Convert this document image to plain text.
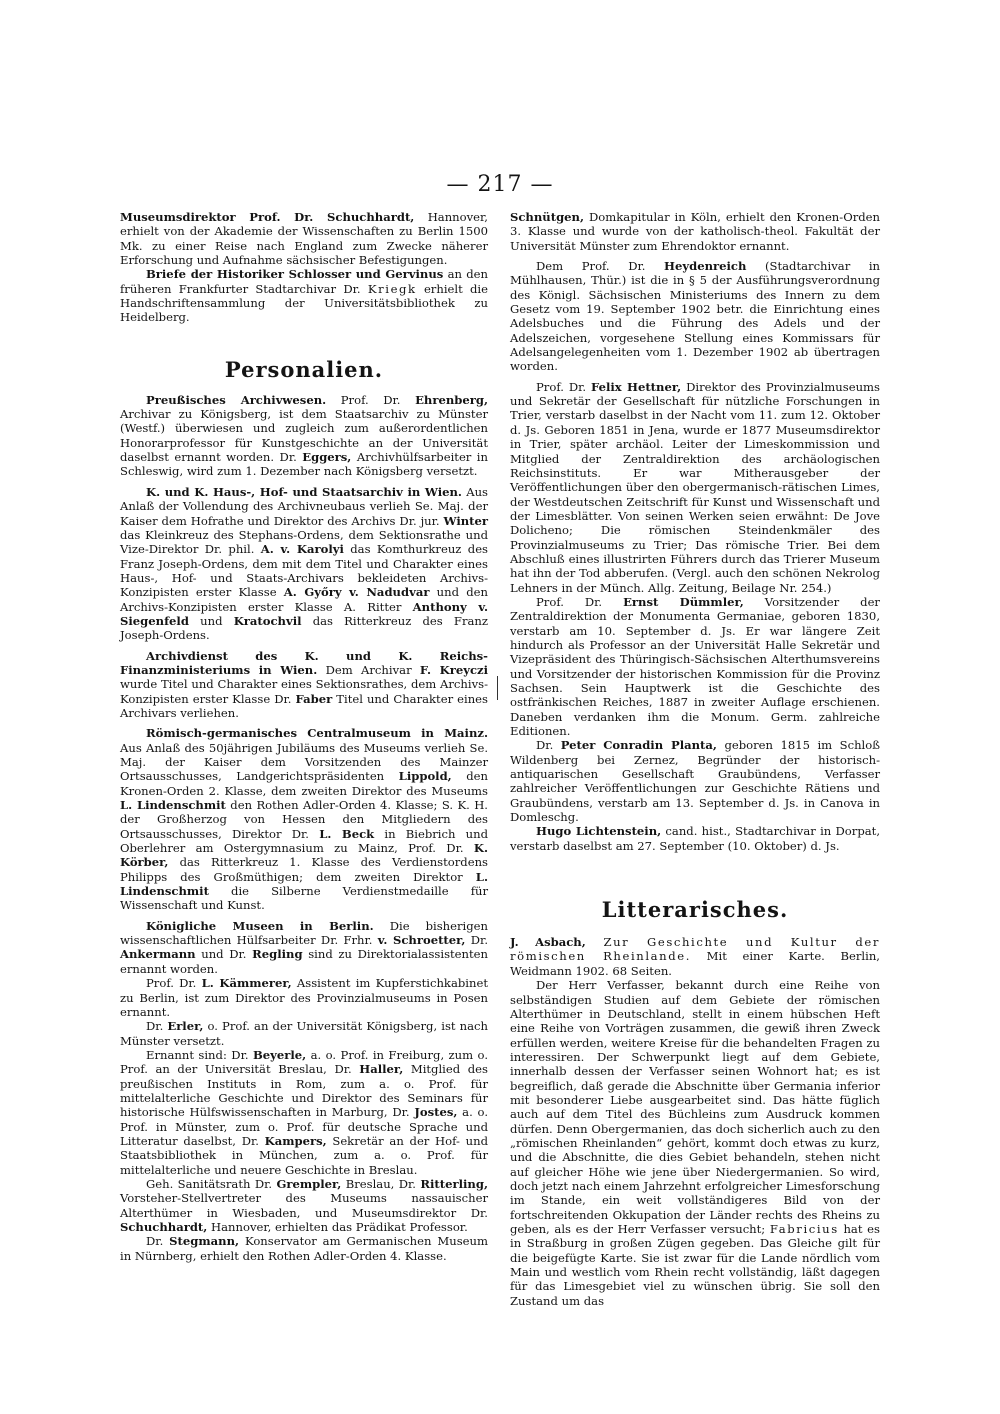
— 217 —

Museumsdirektor Prof. Dr. Schuchhardt, Hannover, erhielt von der Akademie der Wissenschaften zu Berlin 1500 Mk. zu einer Reise nach England zum Zwecke näherer Erforschung und Aufnahme sächsischer Befestigungen.

Briefe der Historiker Schlosser und Gervinus an den früheren Frankfurter Stadtarchivar Dr. Kriegk erhielt die Handschriftensammlung der Universitätsbibliothek zu Heidelberg.

Personalien.

Preußisches Archivwesen. Prof. Dr. Ehrenberg, Archivar zu Königsberg, ist dem Staatsarchiv zu Münster (Westf.) überwiesen und zugleich zum außerordentlichen Honorarprofessor für Kunstgeschichte an der Universität daselbst ernannt worden. Dr. Eggers, Archivhülfsarbeiter in Schleswig, wird zum 1. Dezember nach Königsberg versetzt.

K. und K. Haus-, Hof- und Staatsarchiv in Wien. Aus Anlaß der Vollendung des Archivneubaus verlieh Se. Maj. der Kaiser dem Hofrathe und Direktor des Archivs Dr. jur. Winter das Kleinkreuz des Stephans-Ordens, dem Sektionsrathe und Vize-Direktor Dr. phil. A. v. Karolyi das Komthurkreuz des Franz Joseph-Ordens, dem mit dem Titel und Charakter eines Haus-, Hof- und Staats-Archivars bekleideten Archivs-Konzipisten erster Klasse A. Győry v. Nadudvar und den Archivs-Konzipisten erster Klasse A. Ritter Anthony v. Siegenfeld und Kratochvil das Ritterkreuz des Franz Joseph-Ordens.

Archivdienst des K. und K. Reichs-Finanzministeriums in Wien. Dem Archivar F. Kreyczi wurde Titel und Charakter eines Sektionsrathes, dem Archivs-Konzipisten erster Klasse Dr. Faber Titel und Charakter eines Archivars verliehen.

Römisch-germanisches Centralmuseum in Mainz. Aus Anlaß des 50jährigen Jubiläums des Museums verlieh Se. Maj. der Kaiser dem Vorsitzenden des Mainzer Ortsausschusses, Landgerichtspräsidenten Lippold, den Kronen-Orden 2. Klasse, dem zweiten Direktor des Museums L. Lindenschmit den Rothen Adler-Orden 4. Klasse; S. K. H. der Großherzog von Hessen den Mitgliedern des Ortsausschusses, Direktor Dr. L. Beck in Biebrich und Oberlehrer am Ostergymnasium zu Mainz, Prof. Dr. K. Körber, das Ritterkreuz 1. Klasse des Verdienstordens Philipps des Großmüthigen; dem zweiten Direktor L. Lindenschmit die Silberne Verdienstmedaille für Wissenschaft und Kunst.

Königliche Museen in Berlin. Die bisherigen wissenschaftlichen Hülfsarbeiter Dr. Frhr. v. Schroetter, Dr. Ankermann und Dr. Regling sind zu Direktorialassistenten ernannt worden.

Prof. Dr. L. Kämmerer, Assistent im Kupferstichkabinet zu Berlin, ist zum Direktor des Provinzialmuseums in Posen ernannt.

Dr. Erler, o. Prof. an der Universität Königsberg, ist nach Münster versetzt.

Ernannt sind: Dr. Beyerle, a. o. Prof. in Freiburg, zum o. Prof. an der Universität Breslau, Dr. Haller, Mitglied des preußischen Instituts in Rom, zum a. o. Prof. für mittelalterliche Geschichte und Direktor des Seminars für historische Hülfswissenschaften in Marburg, Dr. Jostes, a. o. Prof. in Münster, zum o. Prof. für deutsche Sprache und Litteratur daselbst, Dr. Kampers, Sekretär an der Hof- und Staatsbibliothek in München, zum a. o. Prof. für mittelalterliche und neuere Geschichte in Breslau.

Geh. Sanitätsrath Dr. Grempler, Breslau, Dr. Ritterling, Vorsteher-Stellvertreter des Museums nassauischer Alterthümer in Wiesbaden, und Museumsdirektor Dr. Schuchhardt, Hannover, erhielten das Prädikat Professor.

Dr. Stegmann, Konservator am Germanischen Museum in Nürnberg, erhielt den Rothen Adler-Orden 4. Klasse.

Schnütgen, Domkapitular in Köln, erhielt den Kronen-Orden 3. Klasse und wurde von der katholisch-theol. Fakultät der Universität Münster zum Ehrendoktor ernannt.

Dem Prof. Dr. Heydenreich (Stadtarchivar in Mühlhausen, Thür.) ist die in § 5 der Ausführungsverordnung des Königl. Sächsischen Ministeriums des Innern zu dem Gesetz vom 19. September 1902 betr. die Einrichtung eines Adelsbuches und die Führung des Adels und der Adelszeichen, vorgesehene Stellung eines Kommissars für Adelsangelegenheiten vom 1. Dezember 1902 ab übertragen worden.

Prof. Dr. Felix Hettner, Direktor des Provinzialmuseums und Sekretär der Gesellschaft für nützliche Forschungen in Trier, verstarb daselbst in der Nacht vom 11. zum 12. Oktober d. Js. Geboren 1851 in Jena, wurde er 1877 Museumsdirektor in Trier, später archäol. Leiter der Limeskommission und Mitglied der Zentraldirektion des archäologischen Reichsinstituts. Er war Mitherausgeber der Veröffentlichungen über den obergermanisch-rätischen Limes, der Westdeutschen Zeitschrift für Kunst und Wissenschaft und der Limesblätter. Von seinen Werken seien erwähnt: De Jove Dolicheno; Die römischen Steindenkmäler des Provinzialmuseums zu Trier; Das römische Trier. Bei dem Abschluß eines illustrirten Führers durch das Trierer Museum hat ihn der Tod abberufen. (Vergl. auch den schönen Nekrolog Lehners in der Münch. Allg. Zeitung, Beilage Nr. 254.)

Prof. Dr. Ernst Dümmler, Vorsitzender der Zentraldirektion der Monumenta Germaniae, geboren 1830, verstarb am 10. September d. Js. Er war längere Zeit hindurch als Professor an der Universität Halle Sekretär und Vizepräsident des Thüringisch-Sächsischen Alterthumsvereins und Vorsitzender der historischen Kommission für die Provinz Sachsen. Sein Hauptwerk ist die Geschichte des ostfränkischen Reiches, 1887 in zweiter Auflage erschienen. Daneben verdanken ihm die Monum. Germ. zahlreiche Editionen.

Dr. Peter Conradin Planta, geboren 1815 im Schloß Wildenberg bei Zernez, Begründer der historisch-antiquarischen Gesellschaft Graubündens, Verfasser zahlreicher Veröffentlichungen zur Geschichte Rätiens und Graubündens, verstarb am 13. September d. Js. in Canova in Domleschg.

Hugo Lichtenstein, cand. hist., Stadtarchivar in Dorpat, verstarb daselbst am 27. September (10. Oktober) d. Js.

Litterarisches.

J. Asbach, Zur Geschichte und Kultur der römischen Rheinlande. Mit einer Karte. Berlin, Weidmann 1902. 68 Seiten.

Der Herr Verfasser, bekannt durch eine Reihe von selbständigen Studien auf dem Gebiete der römischen Alterthümer in Deutschland, stellt in einem hübschen Heft eine Reihe von Vorträgen zusammen, die gewiß ihren Zweck erfüllen werden, weitere Kreise für die behandelten Fragen zu interessiren. Der Schwerpunkt liegt auf dem Gebiete, innerhalb dessen der Verfasser seinen Wohnort hat; es ist begreiflich, daß gerade die Abschnitte über Germania inferior mit besonderer Liebe ausgearbeitet sind. Das hätte füglich auch auf dem Titel des Büchleins zum Ausdruck kommen dürfen. Denn Obergermanien, das doch sicherlich auch zu den „römischen Rheinlanden“ gehört, kommt doch etwas zu kurz, und die Abschnitte, die dies Gebiet behandeln, stehen nicht auf gleicher Höhe wie jene über Niedergermanien. So wird, doch jetzt nach einem Jahrzehnt erfolgreicher Limesforschung im Stande, ein weit vollständigeres Bild von der fortschreitenden Okkupation der Länder rechts des Rheins zu geben, als es der Herr Verfasser versucht; Fabricius hat es in Straßburg in großen Zügen gegeben. Das Gleiche gilt für die beigefügte Karte. Sie ist zwar für die Lande nördlich vom Main und westlich vom Rhein recht vollständig, läßt dagegen für das Limesgebiet viel zu wünschen übrig. Sie soll den Zustand um das
